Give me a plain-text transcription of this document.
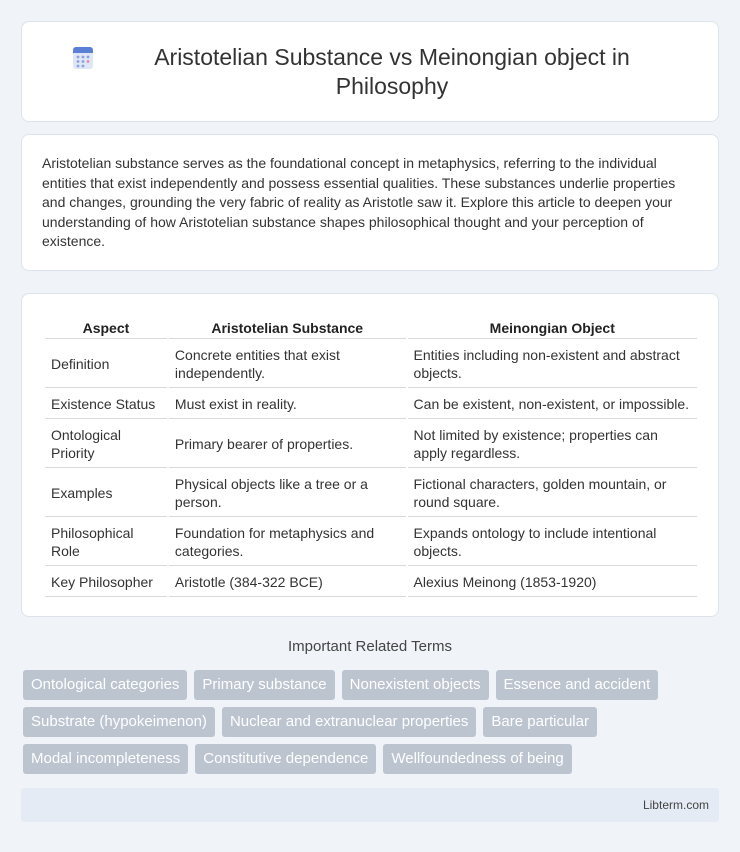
Aristotelian Substance vs Meinongian object in Philosophy

Aristotelian substance serves as the foundational concept in metaphysics, referring to the individual entities that exist independently and possess essential qualities. These substances underlie properties and changes, grounding the very fabric of reality as Aristotle saw it. Explore this article to deepen your understanding of how Aristotelian substance shapes philosophical thought and your perception of existence.

Aspect	Aristotelian Substance	Meinongian Object
Definition	Concrete entities that exist independently.	Entities including non-existent and abstract objects.
Existence Status	Must exist in reality.	Can be existent, non-existent, or impossible.
Ontological Priority	Primary bearer of properties.	Not limited by existence; properties can apply regardless.
Examples	Physical objects like a tree or a person.	Fictional characters, golden mountain, or round square.
Philosophical Role	Foundation for metaphysics and categories.	Expands ontology to include intentional objects.
Key Philosopher	Aristotle (384-322 BCE)	Alexius Meinong (1853-1920)
Important Related Terms
Ontological categories	Primary substance	Nonexistent objects	Essence and accident
Substrate (hypokeimenon)	Nuclear and extranuclear properties	Bare particular
Modal incompleteness	Constitutive dependence	Wellfoundedness of being
Libterm.com
